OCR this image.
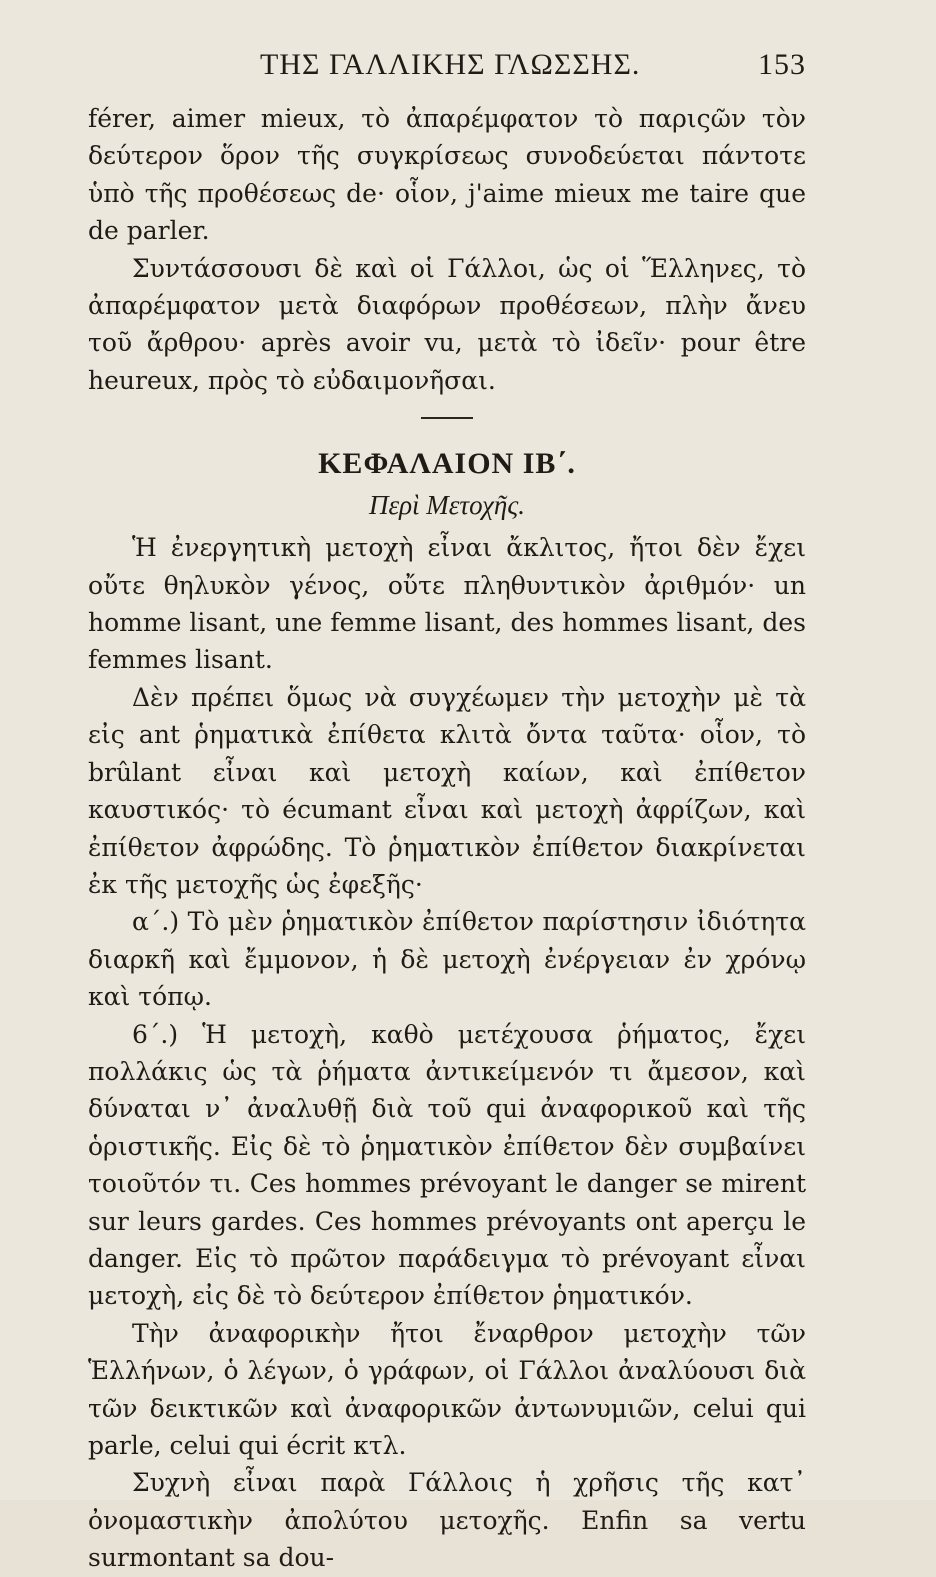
ΤΗΣ ΓΑΛΛΙΚΗΣ ΓΛΩΣΣΗΣ.	153

férer, aimer mieux, τὸ ἀπαρέμφατον τὸ παριςῶν τὸν δεύτερον ὅρον τῆς συγκρίσεως συνοδεύεται πάντοτε ὑπὸ τῆς προθέσεως de· οἷον, j'aime mieux me taire que de parler.

Συντάσσουσι δὲ καὶ οἱ Γάλλοι, ὡς οἱ Ἕλληνες, τὸ ἀπαρέμφατον μετὰ διαφόρων προθέσεων, πλὴν ἄνευ τοῦ ἄρθρου· après avoir vu, μετὰ τὸ ἰδεῖν· pour être heureux, πρὸς τὸ εὐδαιμονῆσαι.

ΚΕΦΑΛΑΙΟΝ ΙΒ΄.
Περὶ Μετοχῆς.

Ἡ ἐνεργητικὴ μετοχὴ εἶναι ἄκλιτος, ἤτοι δὲν ἔχει οὔτε θηλυκὸν γένος, οὔτε πληθυντικὸν ἀριθμόν· un homme lisant, une femme lisant, des hommes lisant, des femmes lisant.

Δὲν πρέπει ὅμως νὰ συγχέωμεν τὴν μετοχὴν μὲ τὰ εἰς ant ῥηματικὰ ἐπίθετα κλιτὰ ὄντα ταῦτα· οἷον, τὸ brûlant εἶναι καὶ μετοχὴ καίων, καὶ ἐπίθετον καυστικός· τὸ écumant εἶναι καὶ μετοχὴ ἀφρίζων, καὶ ἐπίθετον ἀφρώδης. Τὸ ῥηματικὸν ἐπίθετον διακρίνεται ἐκ τῆς μετοχῆς ὡς ἐφεξῆς·

α΄.) Τὸ μὲν ῥηματικὸν ἐπίθετον παρίστησιν ἰδιότητα διαρκῆ καὶ ἔμμονον, ἡ δὲ μετοχὴ ἐνέργειαν ἐν χρόνῳ καὶ τόπῳ.

6΄.) Ἡ μετοχὴ, καθὸ μετέχουσα ῥήματος, ἔχει πολλάκις ὡς τὰ ῥήματα ἀντικείμενόν τι ἄμεσον, καὶ δύναται ν᾽ ἀναλυθῇ διὰ τοῦ qui ἀναφορικοῦ καὶ τῆς ὁριστικῆς. Εἰς δὲ τὸ ῥηματικὸν ἐπίθετον δὲν συμβαίνει τοιοῦτόν τι. Ces hommes prévoyant le danger se mirent sur leurs gardes. Ces hommes prévoyants ont aperçu le danger. Εἰς τὸ πρῶτον παράδειγμα τὸ prévoyant εἶναι μετοχὴ, εἰς δὲ τὸ δεύτερον ἐπίθετον ῥηματικόν.

Τὴν ἀναφορικὴν ἤτοι ἔναρθρον μετοχὴν τῶν Ἑλλήνων, ὁ λέγων, ὁ γράφων, οἱ Γάλλοι ἀναλύουσι διὰ τῶν δεικτικῶν καὶ ἀναφορικῶν ἀντωνυμιῶν, celui qui parle, celui qui écrit κτλ.

Συχνὴ εἶναι παρὰ Γάλλοις ἡ χρῆσις τῆς κατ᾽ ὀνομαστικὴν ἀπολύτου μετοχῆς. Enfin sa vertu surmontant sa dou-
